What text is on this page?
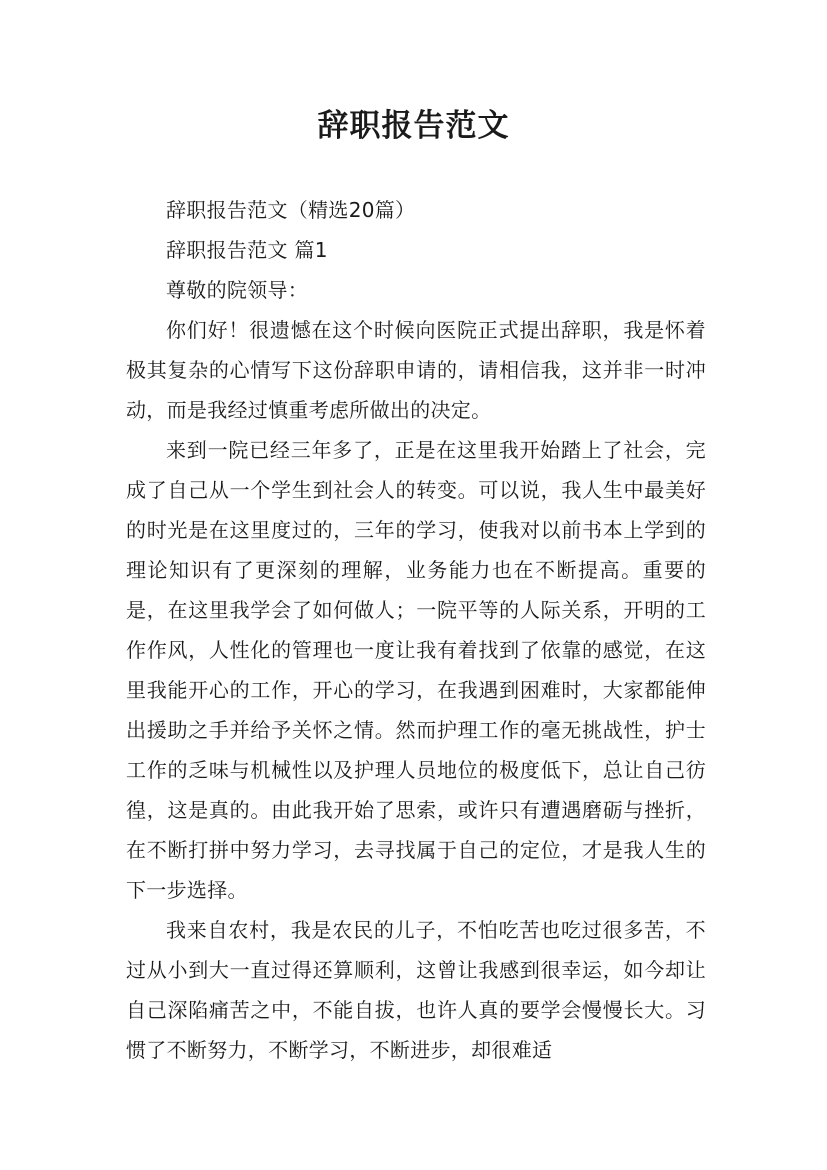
辞职报告范文

辞职报告范文（精选20篇）

辞职报告范文 篇1

尊敬的院领导：

你们好！很遗憾在这个时候向医院正式提出辞职，我是怀着极其复杂的心情写下这份辞职申请的，请相信我，这并非一时冲动，而是我经过慎重考虑所做出的决定。

来到一院已经三年多了，正是在这里我开始踏上了社会，完成了自己从一个学生到社会人的转变。可以说，我人生中最美好的时光是在这里度过的，三年的学习，使我对以前书本上学到的理论知识有了更深刻的理解，业务能力也在不断提高。重要的是，在这里我学会了如何做人；一院平等的人际关系，开明的工作作风，人性化的管理也一度让我有着找到了依靠的感觉，在这里我能开心的工作，开心的学习，在我遇到困难时，大家都能伸出援助之手并给予关怀之情。然而护理工作的毫无挑战性，护士工作的乏味与机械性以及护理人员地位的极度低下，总让自己彷徨，这是真的。由此我开始了思索，或许只有遭遇磨砺与挫折，在不断打拼中努力学习，去寻找属于自己的定位，才是我人生的下一步选择。

我来自农村，我是农民的儿子，不怕吃苦也吃过很多苦，不过从小到大一直过得还算顺利，这曾让我感到很幸运，如今却让自己深陷痛苦之中，不能自拔，也许人真的要学会慢慢长大。习惯了不断努力，不断学习，不断进步，却很难适
